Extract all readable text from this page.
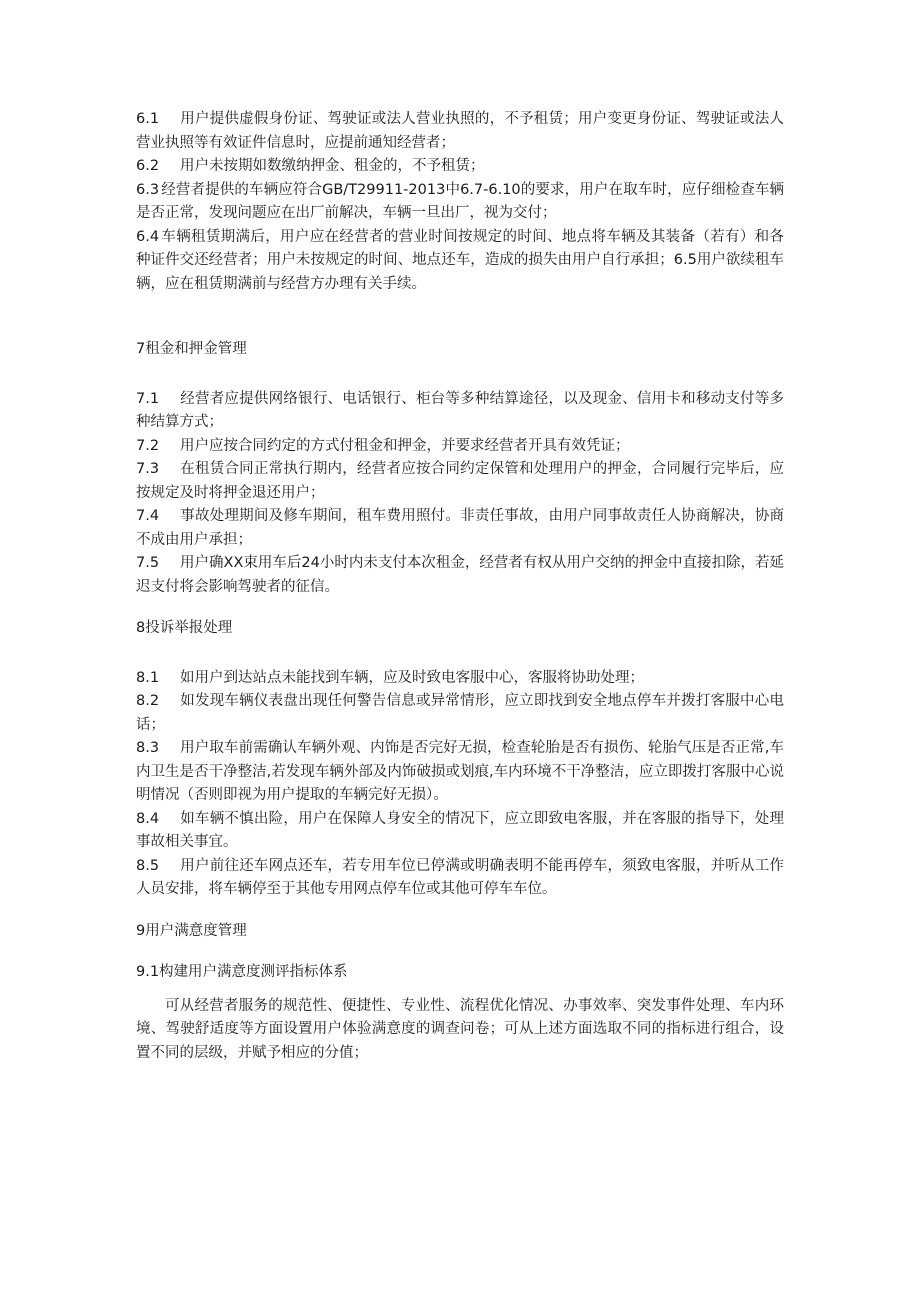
6.1 用户提供虚假身份证、驾驶证或法人营业执照的，不予租赁；用户变更身份证、驾驶证或法人营业执照等有效证件信息时，应提前通知经营者；

6.2 用户未按期如数缴纳押金、租金的，不予租赁；

6.3 经营者提供的车辆应符合GB/T29911-2013中6.7-6.10的要求，用户在取车时，应仔细检查车辆是否正常，发现问题应在出厂前解决，车辆一旦出厂，视为交付；

6.4 车辆租赁期满后，用户应在经营者的营业时间按规定的时间、地点将车辆及其装备（若有）和各种证件交还经营者；用户未按规定的时间、地点还车，造成的损失由用户自行承担；6.5用户欲续租车辆，应在租赁期满前与经营方办理有关手续。

7租金和押金管理

7.1 经营者应提供网络银行、电话银行、柜台等多种结算途径，以及现金、信用卡和移动支付等多种结算方式；

7.2 用户应按合同约定的方式付租金和押金，并要求经营者开具有效凭证；

7.3 在租赁合同正常执行期内，经营者应按合同约定保管和处理用户的押金，合同履行完毕后，应按规定及时将押金退还用户；

7.4 事故处理期间及修车期间，租车费用照付。非责任事故，由用户同事故责任人协商解决，协商不成由用户承担；

7.5 用户确XX束用车后24小时内未支付本次租金，经营者有权从用户交纳的押金中直接扣除，若延迟支付将会影响驾驶者的征信。

8投诉举报处理

8.1 如用户到达站点未能找到车辆，应及时致电客服中心，客服将协助处理；

8.2 如发现车辆仪表盘出现任何警告信息或异常情形，应立即找到安全地点停车并拨打客服中心电话；

8.3 用户取车前需确认车辆外观、内饰是否完好无损，检查轮胎是否有损伤、轮胎气压是否正常,车内卫生是否干净整洁,若发现车辆外部及内饰破损或划痕,车内环境不干净整洁，应立即拨打客服中心说明情况（否则即视为用户提取的车辆完好无损）。

8.4 如车辆不慎出险，用户在保障人身安全的情况下，应立即致电客服，并在客服的指导下，处理事故相关事宜。

8.5 用户前往还车网点还车，若专用车位已停满或明确表明不能再停车，须致电客服，并听从工作人员安排，将车辆停至于其他专用网点停车位或其他可停车车位。

9用户满意度管理

9.1构建用户满意度测评指标体系

可从经营者服务的规范性、便捷性、专业性、流程优化情况、办事效率、突发事件处理、车内环境、驾驶舒适度等方面设置用户体验满意度的调查问卷；可从上述方面选取不同的指标进行组合，设置不同的层级，并赋予相应的分值；
